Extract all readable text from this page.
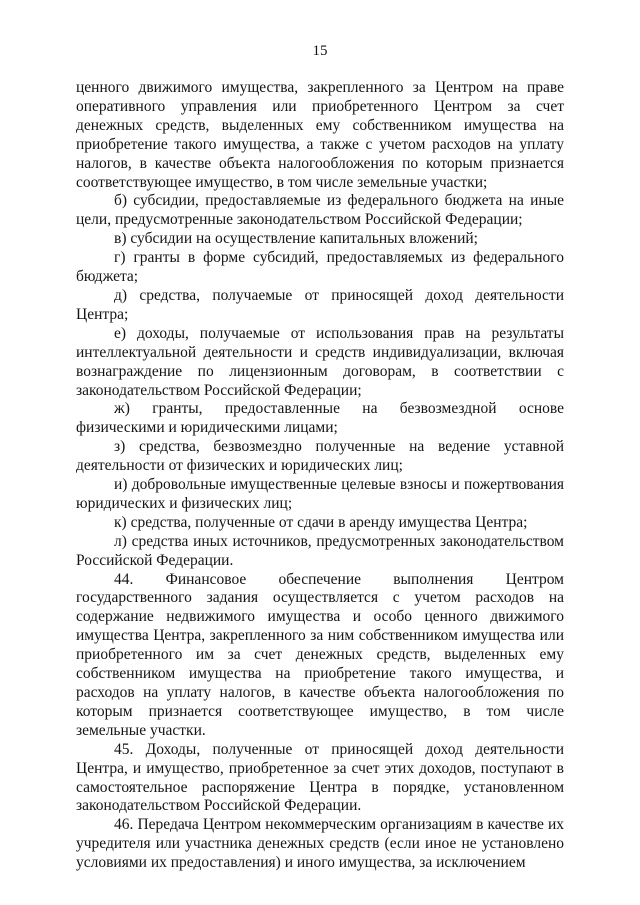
15

ценного движимого имущества, закрепленного за Центром на праве оперативного управления или приобретенного Центром за счет денежных средств, выделенных ему собственником имущества на приобретение такого имущества, а также с учетом расходов на уплату налогов, в качестве объекта налогообложения по которым признается соответствующее имущество, в том числе земельные участки;

б) субсидии, предоставляемые из федерального бюджета на иные цели, предусмотренные законодательством Российской Федерации;

в) субсидии на осуществление капитальных вложений;

г) гранты в форме субсидий, предоставляемых из федерального бюджета;

д) средства, получаемые от приносящей доход деятельности Центра;

е) доходы, получаемые от использования прав на результаты интеллектуальной деятельности и средств индивидуализации, включая вознаграждение по лицензионным договорам, в соответствии с законодательством Российской Федерации;

ж) гранты, предоставленные на безвозмездной основе физическими и юридическими лицами;

з) средства, безвозмездно полученные на ведение уставной деятельности от физических и юридических лиц;

и) добровольные имущественные целевые взносы и пожертвования юридических и физических лиц;

к) средства, полученные от сдачи в аренду имущества Центра;

л) средства иных источников, предусмотренных законодательством Российской Федерации.

44. Финансовое обеспечение выполнения Центром государственного задания осуществляется с учетом расходов на содержание недвижимого имущества и особо ценного движимого имущества Центра, закрепленного за ним собственником имущества или приобретенного им за счет денежных средств, выделенных ему собственником имущества на приобретение такого имущества, и расходов на уплату налогов, в качестве объекта налогообложения по которым признается соответствующее имущество, в том числе земельные участки.

45. Доходы, полученные от приносящей доход деятельности Центра, и имущество, приобретенное за счет этих доходов, поступают в самостоятельное распоряжение Центра в порядке, установленном законодательством Российской Федерации.

46. Передача Центром некоммерческим организациям в качестве их учредителя или участника денежных средств (если иное не установлено условиями их предоставления) и иного имущества, за исключением
